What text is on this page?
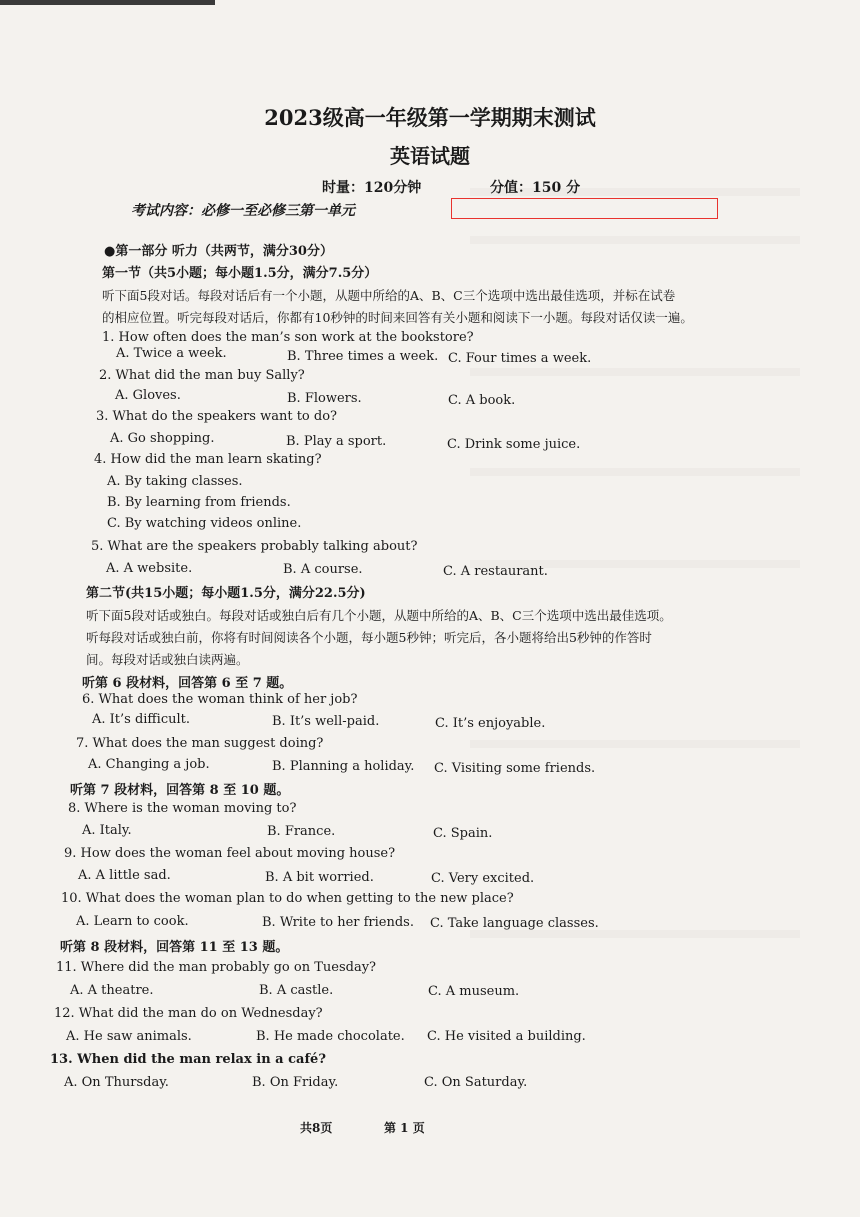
2023级高一年级第一学期期末测试
英语试题
时量：120分钟	分值：150 分
考试内容：必修一至必修三第一单元
●第一部分 听力（共两节，满分30分）
第一节（共5小题；每小题1.5分，满分7.5分）
听下面5段对话。每段对话后有一个小题，从题中所给的A、B、C三个选项中选出最佳选项，并标在试卷
的相应位置。听完每段对话后，你都有10秒钟的时间来回答有关小题和阅读下一小题。每段对话仅读一遍。
1. How often does the man’s son work at the bookstore?
A. Twice a week.	B. Three times a week. C. Four times a week.
2. What did the man buy Sally?
A. Gloves.	B. Flowers.	C. A book.
3. What do the speakers want to do?
A. Go shopping.	B. Play a sport.	C. Drink some juice.
4. How did the man learn skating?
A. By taking classes.
B. By learning from friends.
C. By watching videos online.
5. What are the speakers probably talking about?
A. A website.	B. A course.	C. A restaurant.
第二节(共15小题；每小题1.5分，满分22.5分)
听下面5段对话或独白。每段对话或独白后有几个小题，从题中所给的A、B、C三个选项中选出最佳选项。
听每段对话或独白前，你将有时间阅读各个小题，每小题5秒钟；听完后，各小题将给出5秒钟的作答时
间。每段对话或独白读两遍。
听第 6 段材料，回答第 6 至 7 题。
6. What does the woman think of her job?
A. It’s difficult.	B. It’s well-paid.	C. It’s enjoyable.
7. What does the man suggest doing?
A. Changing a job.	B. Planning a holiday. C. Visiting some friends.
听第 7 段材料，回答第 8 至 10 题。
8. Where is the woman moving to?
A. Italy.	B. France.	C. Spain.
9. How does the woman feel about moving house?
A. A little sad.	B. A bit worried.	C. Very excited.
10. What does the woman plan to do when getting to the new place?
A. Learn to cook.	B. Write to her friends. C. Take language classes.
听第 8 段材料，回答第 11 至 13 题。
11. Where did the man probably go on Tuesday?
A. A theatre.	B. A castle.	C. A museum.
12. What did the man do on Wednesday?
A. He saw animals.	B. He made chocolate. C. He visited a building.
13. When did the man relax in a café?
A. On Thursday.	B. On Friday.	C. On Saturday.
共8页	第 1 页
